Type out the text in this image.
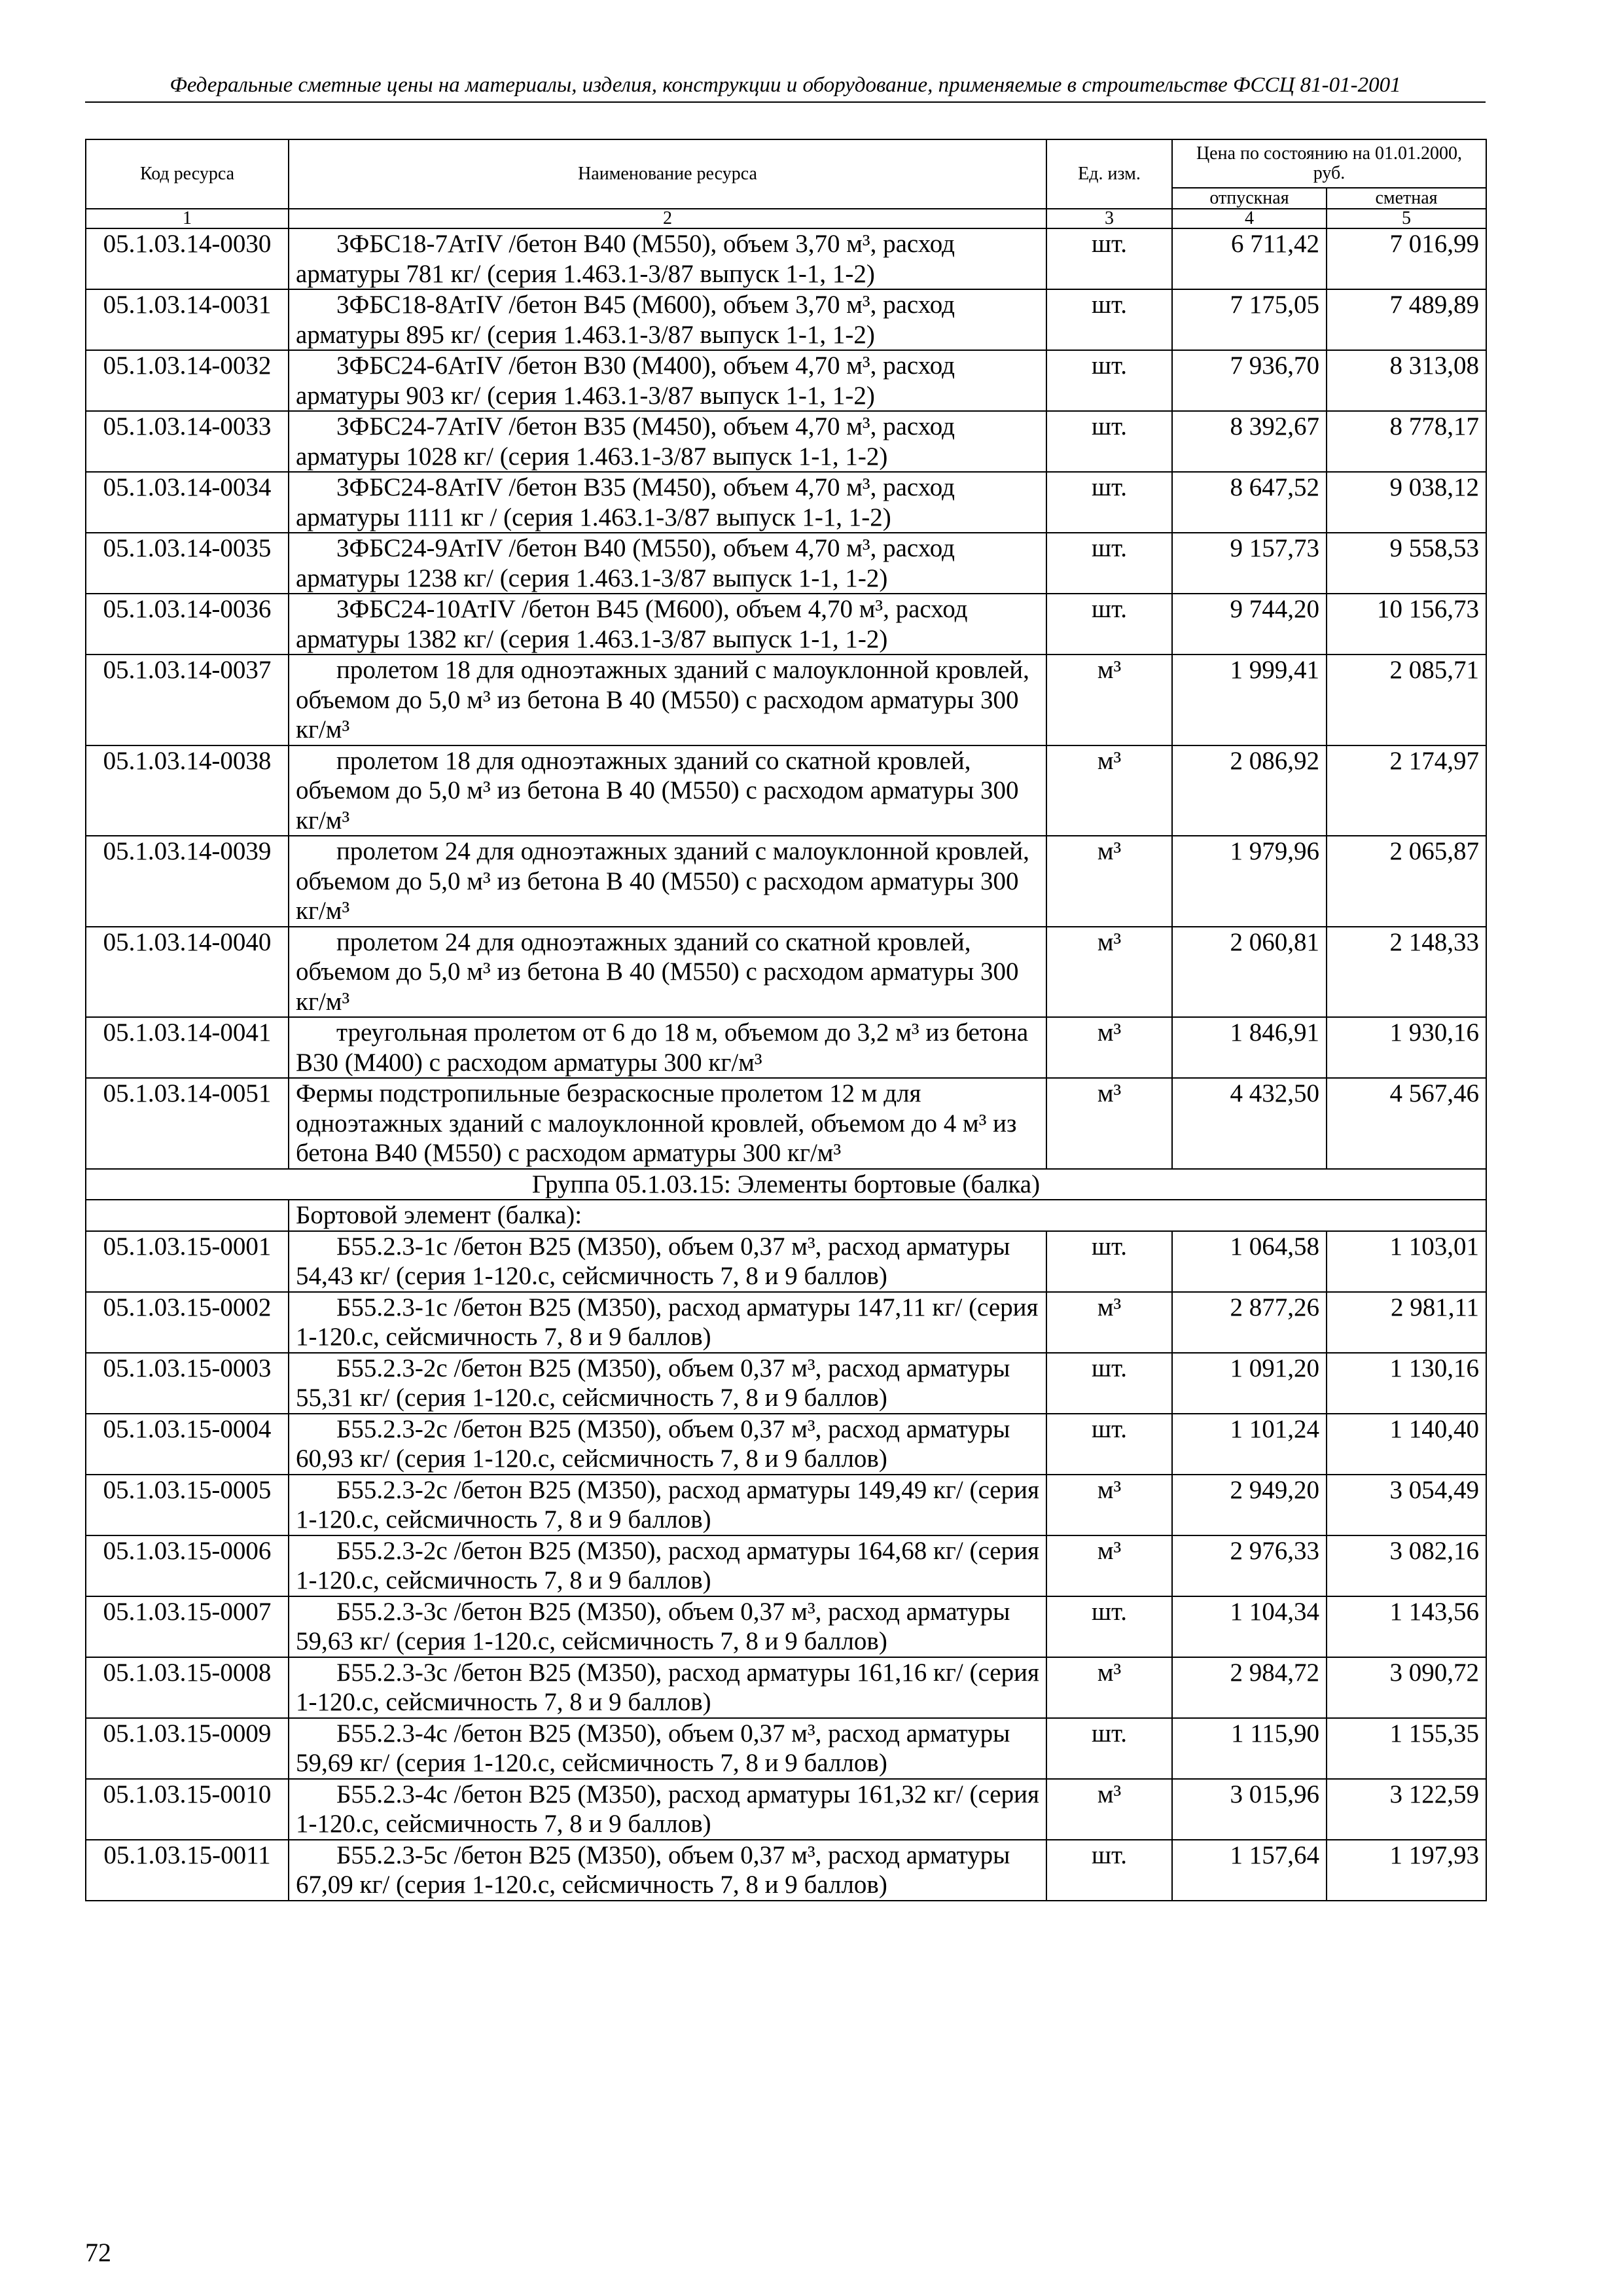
Федеральные сметные цены на материалы, изделия, конструкции и оборудование, применяемые в строительстве ФССЦ 81-01-2001
Код ресурса	Наименование ресурса	Ед. изм.	Цена по состоянию на 01.01.2000, руб.	
			отпускная	сметная
1	2	3	4	5
05.1.03.14-0030	3ФБС18-7АтIV /бетон В40 (М550), объем 3,70 м³, расход арматуры 781 кг/ (серия 1.463.1-3/87 выпуск 1-1, 1-2)	шт.	6 711,42	7 016,99
05.1.03.14-0031	3ФБС18-8АтIV /бетон В45 (М600), объем 3,70 м³, расход арматуры 895 кг/ (серия 1.463.1-3/87 выпуск 1-1, 1-2)	шт.	7 175,05	7 489,89
05.1.03.14-0032	3ФБС24-6АтIV /бетон В30 (М400), объем 4,70 м³, расход арматуры 903 кг/ (серия 1.463.1-3/87 выпуск 1-1, 1-2)	шт.	7 936,70	8 313,08
05.1.03.14-0033	3ФБС24-7АтIV /бетон В35 (М450), объем 4,70 м³, расход арматуры 1028 кг/ (серия 1.463.1-3/87 выпуск 1-1, 1-2)	шт.	8 392,67	8 778,17
05.1.03.14-0034	3ФБС24-8АтIV /бетон В35 (М450), объем 4,70 м³, расход арматуры 1111 кг / (серия 1.463.1-3/87 выпуск 1-1, 1-2)	шт.	8 647,52	9 038,12
05.1.03.14-0035	3ФБС24-9АтIV /бетон В40 (М550), объем 4,70 м³, расход арматуры 1238 кг/ (серия 1.463.1-3/87 выпуск 1-1, 1-2)	шт.	9 157,73	9 558,53
05.1.03.14-0036	3ФБС24-10АтIV /бетон В45 (М600), объем 4,70 м³, расход арматуры 1382 кг/ (серия 1.463.1-3/87 выпуск 1-1, 1-2)	шт.	9 744,20	10 156,73
05.1.03.14-0037	пролетом 18 для одноэтажных зданий с малоуклонной кровлей, объемом до 5,0 м³ из бетона В 40 (М550) с расходом арматуры 300 кг/м³	м³	1 999,41	2 085,71
05.1.03.14-0038	пролетом 18 для одноэтажных зданий со скатной кровлей, объемом до 5,0 м³ из бетона В 40 (М550) с расходом арматуры 300 кг/м³	м³	2 086,92	2 174,97
05.1.03.14-0039	пролетом 24 для одноэтажных зданий с малоуклонной кровлей, объемом до 5,0 м³ из бетона В 40 (М550) с расходом арматуры 300 кг/м³	м³	1 979,96	2 065,87
05.1.03.14-0040	пролетом 24 для одноэтажных зданий со скатной кровлей, объемом до 5,0 м³ из бетона В 40 (М550) с расходом арматуры 300 кг/м³	м³	2 060,81	2 148,33
05.1.03.14-0041	треугольная пролетом от 6 до 18 м, объемом до 3,2 м³ из бетона В30 (М400) с расходом арматуры 300 кг/м³	м³	1 846,91	1 930,16
05.1.03.14-0051	Фермы подстропильные безраскосные пролетом 12 м для одноэтажных зданий с малоуклонной кровлей, объемом до 4 м³ из бетона В40 (М550) с расходом арматуры 300 кг/м³	м³	4 432,50	4 567,46
Группа 05.1.03.15: Элементы бортовые (балка)				
	Бортовой элемент (балка):			
05.1.03.15-0001	Б55.2.3-1с /бетон В25 (М350), объем 0,37 м³, расход арматуры 54,43 кг/ (серия 1-120.с, сейсмичность 7, 8 и 9 баллов)	шт.	1 064,58	1 103,01
05.1.03.15-0002	Б55.2.3-1с /бетон В25 (М350), расход арматуры 147,11 кг/ (серия 1-120.с, сейсмичность 7, 8 и 9 баллов)	м³	2 877,26	2 981,11
05.1.03.15-0003	Б55.2.3-2с /бетон В25 (М350), объем 0,37 м³, расход арматуры 55,31 кг/ (серия 1-120.с, сейсмичность 7, 8 и 9 баллов)	шт.	1 091,20	1 130,16
05.1.03.15-0004	Б55.2.3-2с /бетон В25 (М350), объем 0,37 м³, расход арматуры 60,93 кг/ (серия 1-120.с, сейсмичность 7, 8 и 9 баллов)	шт.	1 101,24	1 140,40
05.1.03.15-0005	Б55.2.3-2с /бетон В25 (М350), расход арматуры 149,49 кг/ (серия 1-120.с, сейсмичность 7, 8 и 9 баллов)	м³	2 949,20	3 054,49
05.1.03.15-0006	Б55.2.3-2с /бетон В25 (М350), расход арматуры 164,68 кг/ (серия 1-120.с, сейсмичность 7, 8 и 9 баллов)	м³	2 976,33	3 082,16
05.1.03.15-0007	Б55.2.3-3с /бетон В25 (М350), объем 0,37 м³, расход арматуры 59,63 кг/ (серия 1-120.с, сейсмичность 7, 8 и 9 баллов)	шт.	1 104,34	1 143,56
05.1.03.15-0008	Б55.2.3-3с /бетон В25 (М350), расход арматуры 161,16 кг/ (серия 1-120.с, сейсмичность 7, 8 и 9 баллов)	м³	2 984,72	3 090,72
05.1.03.15-0009	Б55.2.3-4с /бетон В25 (М350), объем 0,37 м³, расход арматуры 59,69 кг/ (серия 1-120.с, сейсмичность 7, 8 и 9 баллов)	шт.	1 115,90	1 155,35
05.1.03.15-0010	Б55.2.3-4с /бетон В25 (М350), расход арматуры 161,32 кг/ (серия 1-120.с, сейсмичность 7, 8 и 9 баллов)	м³	3 015,96	3 122,59
05.1.03.15-0011	Б55.2.3-5с /бетон В25 (М350), объем 0,37 м³, расход арматуры 67,09 кг/ (серия 1-120.с, сейсмичность 7, 8 и 9 баллов)	шт.	1 157,64	1 197,93
72
